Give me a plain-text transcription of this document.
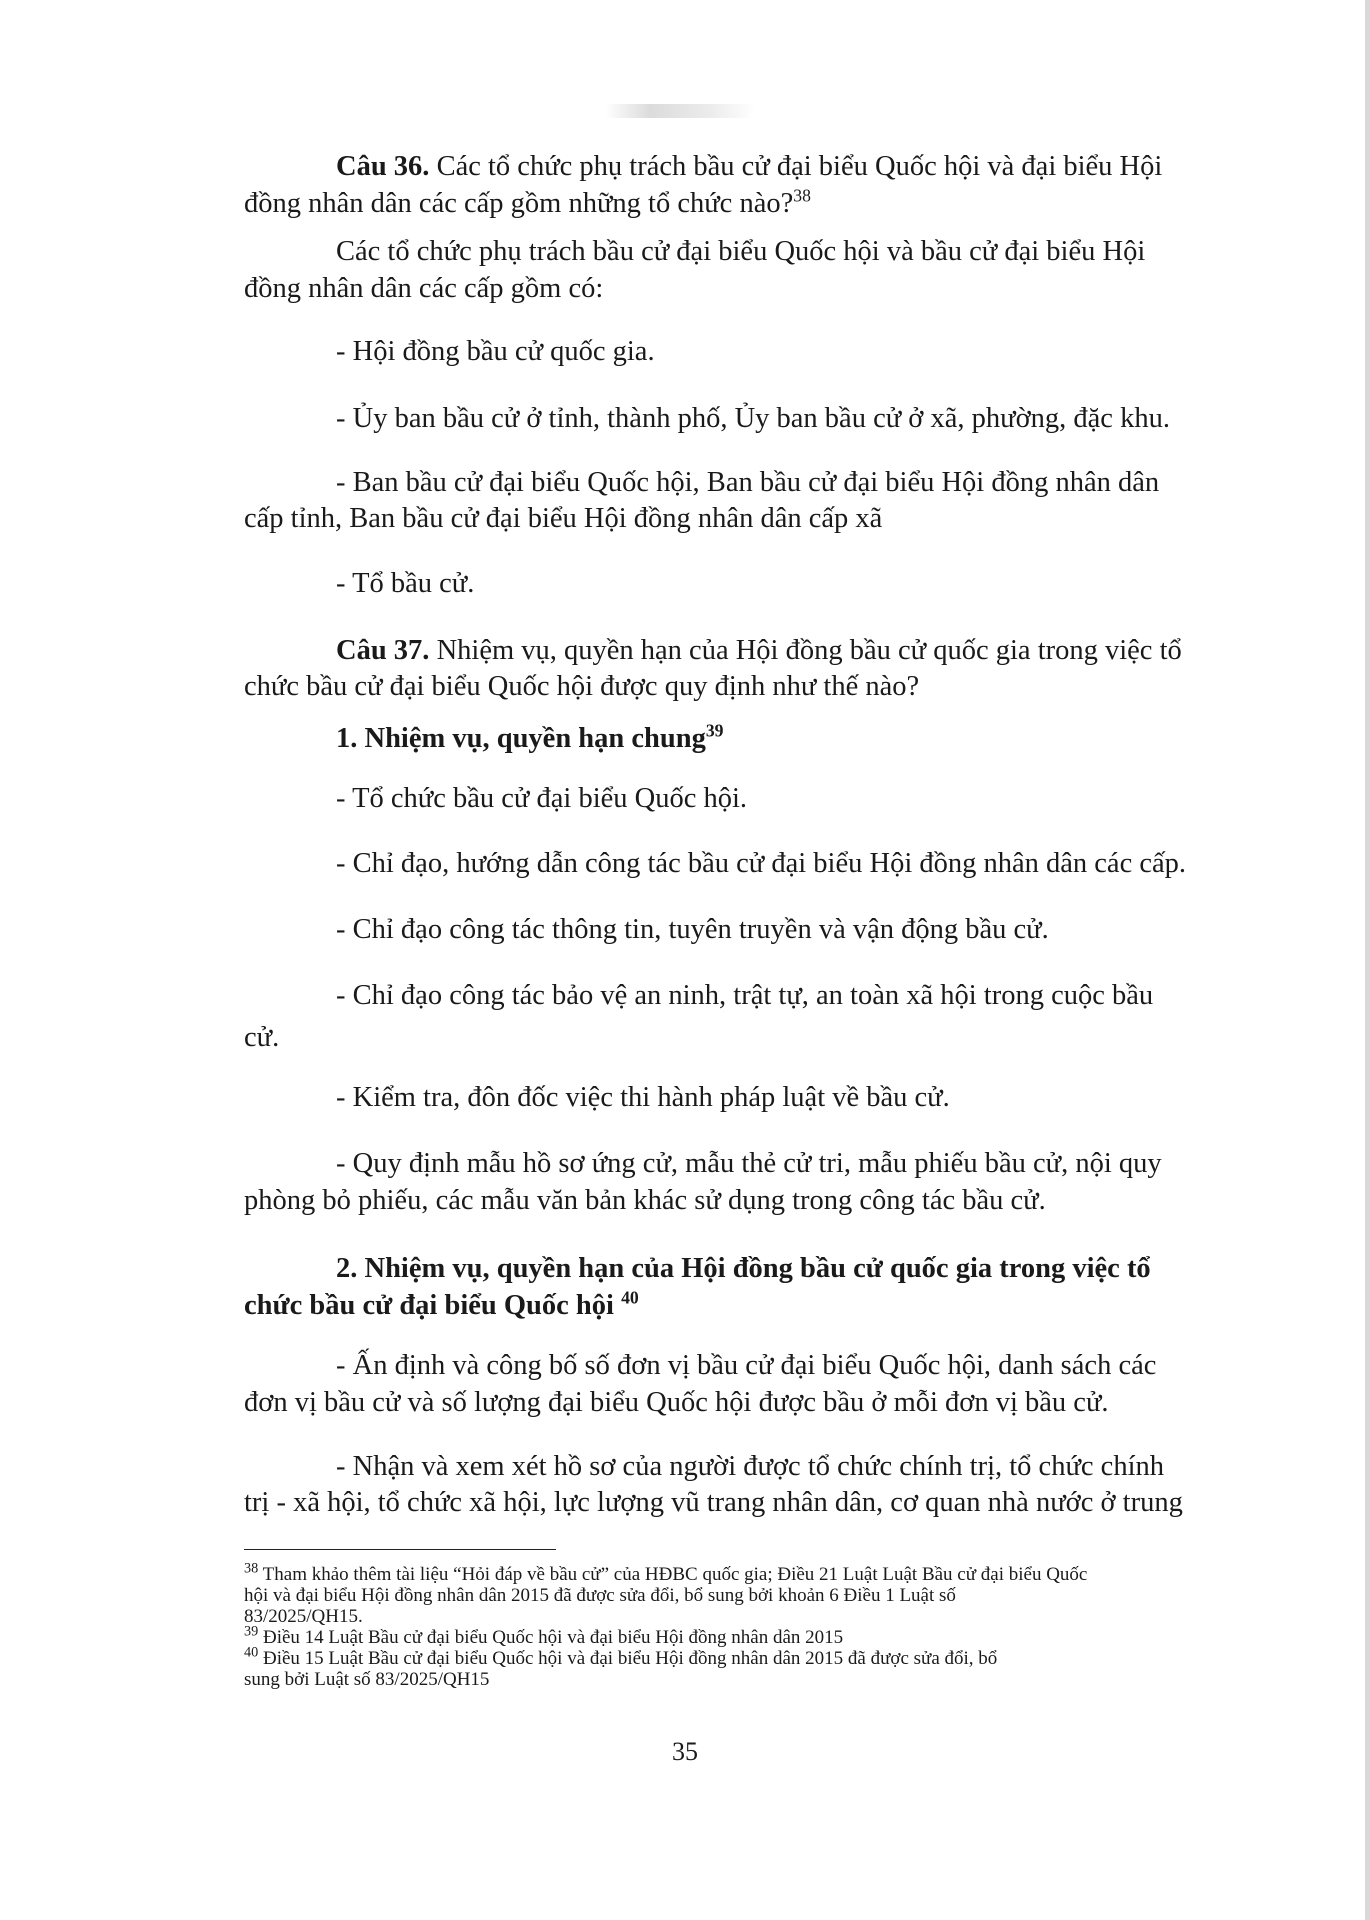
Câu 36. Các tổ chức phụ trách bầu cử đại biểu Quốc hội và đại biểu Hội

đồng nhân dân các cấp gồm những tổ chức nào?$^{38}$

Các tổ chức phụ trách bầu cử đại biểu Quốc hội và bầu cử đại biểu Hội

đồng nhân dân các cấp gồm có:

- Hội đồng bầu cử quốc gia.

- Ủy ban bầu cử ở tỉnh, thành phố, Ủy ban bầu cử ở xã, phường, đặc khu.

- Ban bầu cử đại biểu Quốc hội, Ban bầu cử đại biểu Hội đồng nhân dân

cấp tỉnh, Ban bầu cử đại biểu Hội đồng nhân dân cấp xã

- Tổ bầu cử.

Câu 37. Nhiệm vụ, quyền hạn của Hội đồng bầu cử quốc gia trong việc tổ

chức bầu cử đại biểu Quốc hội được quy định như thế nào?

1. Nhiệm vụ, quyền hạn chung$^{39}$

- Tổ chức bầu cử đại biểu Quốc hội.

- Chỉ đạo, hướng dẫn công tác bầu cử đại biểu Hội đồng nhân dân các cấp.

- Chỉ đạo công tác thông tin, tuyên truyền và vận động bầu cử.

- Chỉ đạo công tác bảo vệ an ninh, trật tự, an toàn xã hội trong cuộc bầu

cử.

- Kiểm tra, đôn đốc việc thi hành pháp luật về bầu cử.

- Quy định mẫu hồ sơ ứng cử, mẫu thẻ cử tri, mẫu phiếu bầu cử, nội quy

phòng bỏ phiếu, các mẫu văn bản khác sử dụng trong công tác bầu cử.

2. Nhiệm vụ, quyền hạn của Hội đồng bầu cử quốc gia trong việc tổ

chức bầu cử đại biểu Quốc hội $^{40}$

- Ấn định và công bố số đơn vị bầu cử đại biểu Quốc hội, danh sách các

đơn vị bầu cử và số lượng đại biểu Quốc hội được bầu ở mỗi đơn vị bầu cử.

- Nhận và xem xét hồ sơ của người được tổ chức chính trị, tổ chức chính

trị - xã hội, tổ chức xã hội, lực lượng vũ trang nhân dân, cơ quan nhà nước ở trung

$^{38}$ Tham khảo thêm tài liệu “Hỏi đáp về bầu cử” của HĐBC quốc gia; Điều 21 Luật Luật Bầu cử đại biểu Quốc

hội và đại biểu Hội đồng nhân dân 2015 đã được sửa đổi, bổ sung bởi khoản 6 Điều 1 Luật số

83/2025/QH15.

$^{39}$ Điều 14 Luật Bầu cử đại biểu Quốc hội và đại biểu Hội đồng nhân dân 2015

$^{40}$ Điều 15 Luật Bầu cử đại biểu Quốc hội và đại biểu Hội đồng nhân dân 2015 đã được sửa đổi, bổ

sung bởi Luật số 83/2025/QH15

35
